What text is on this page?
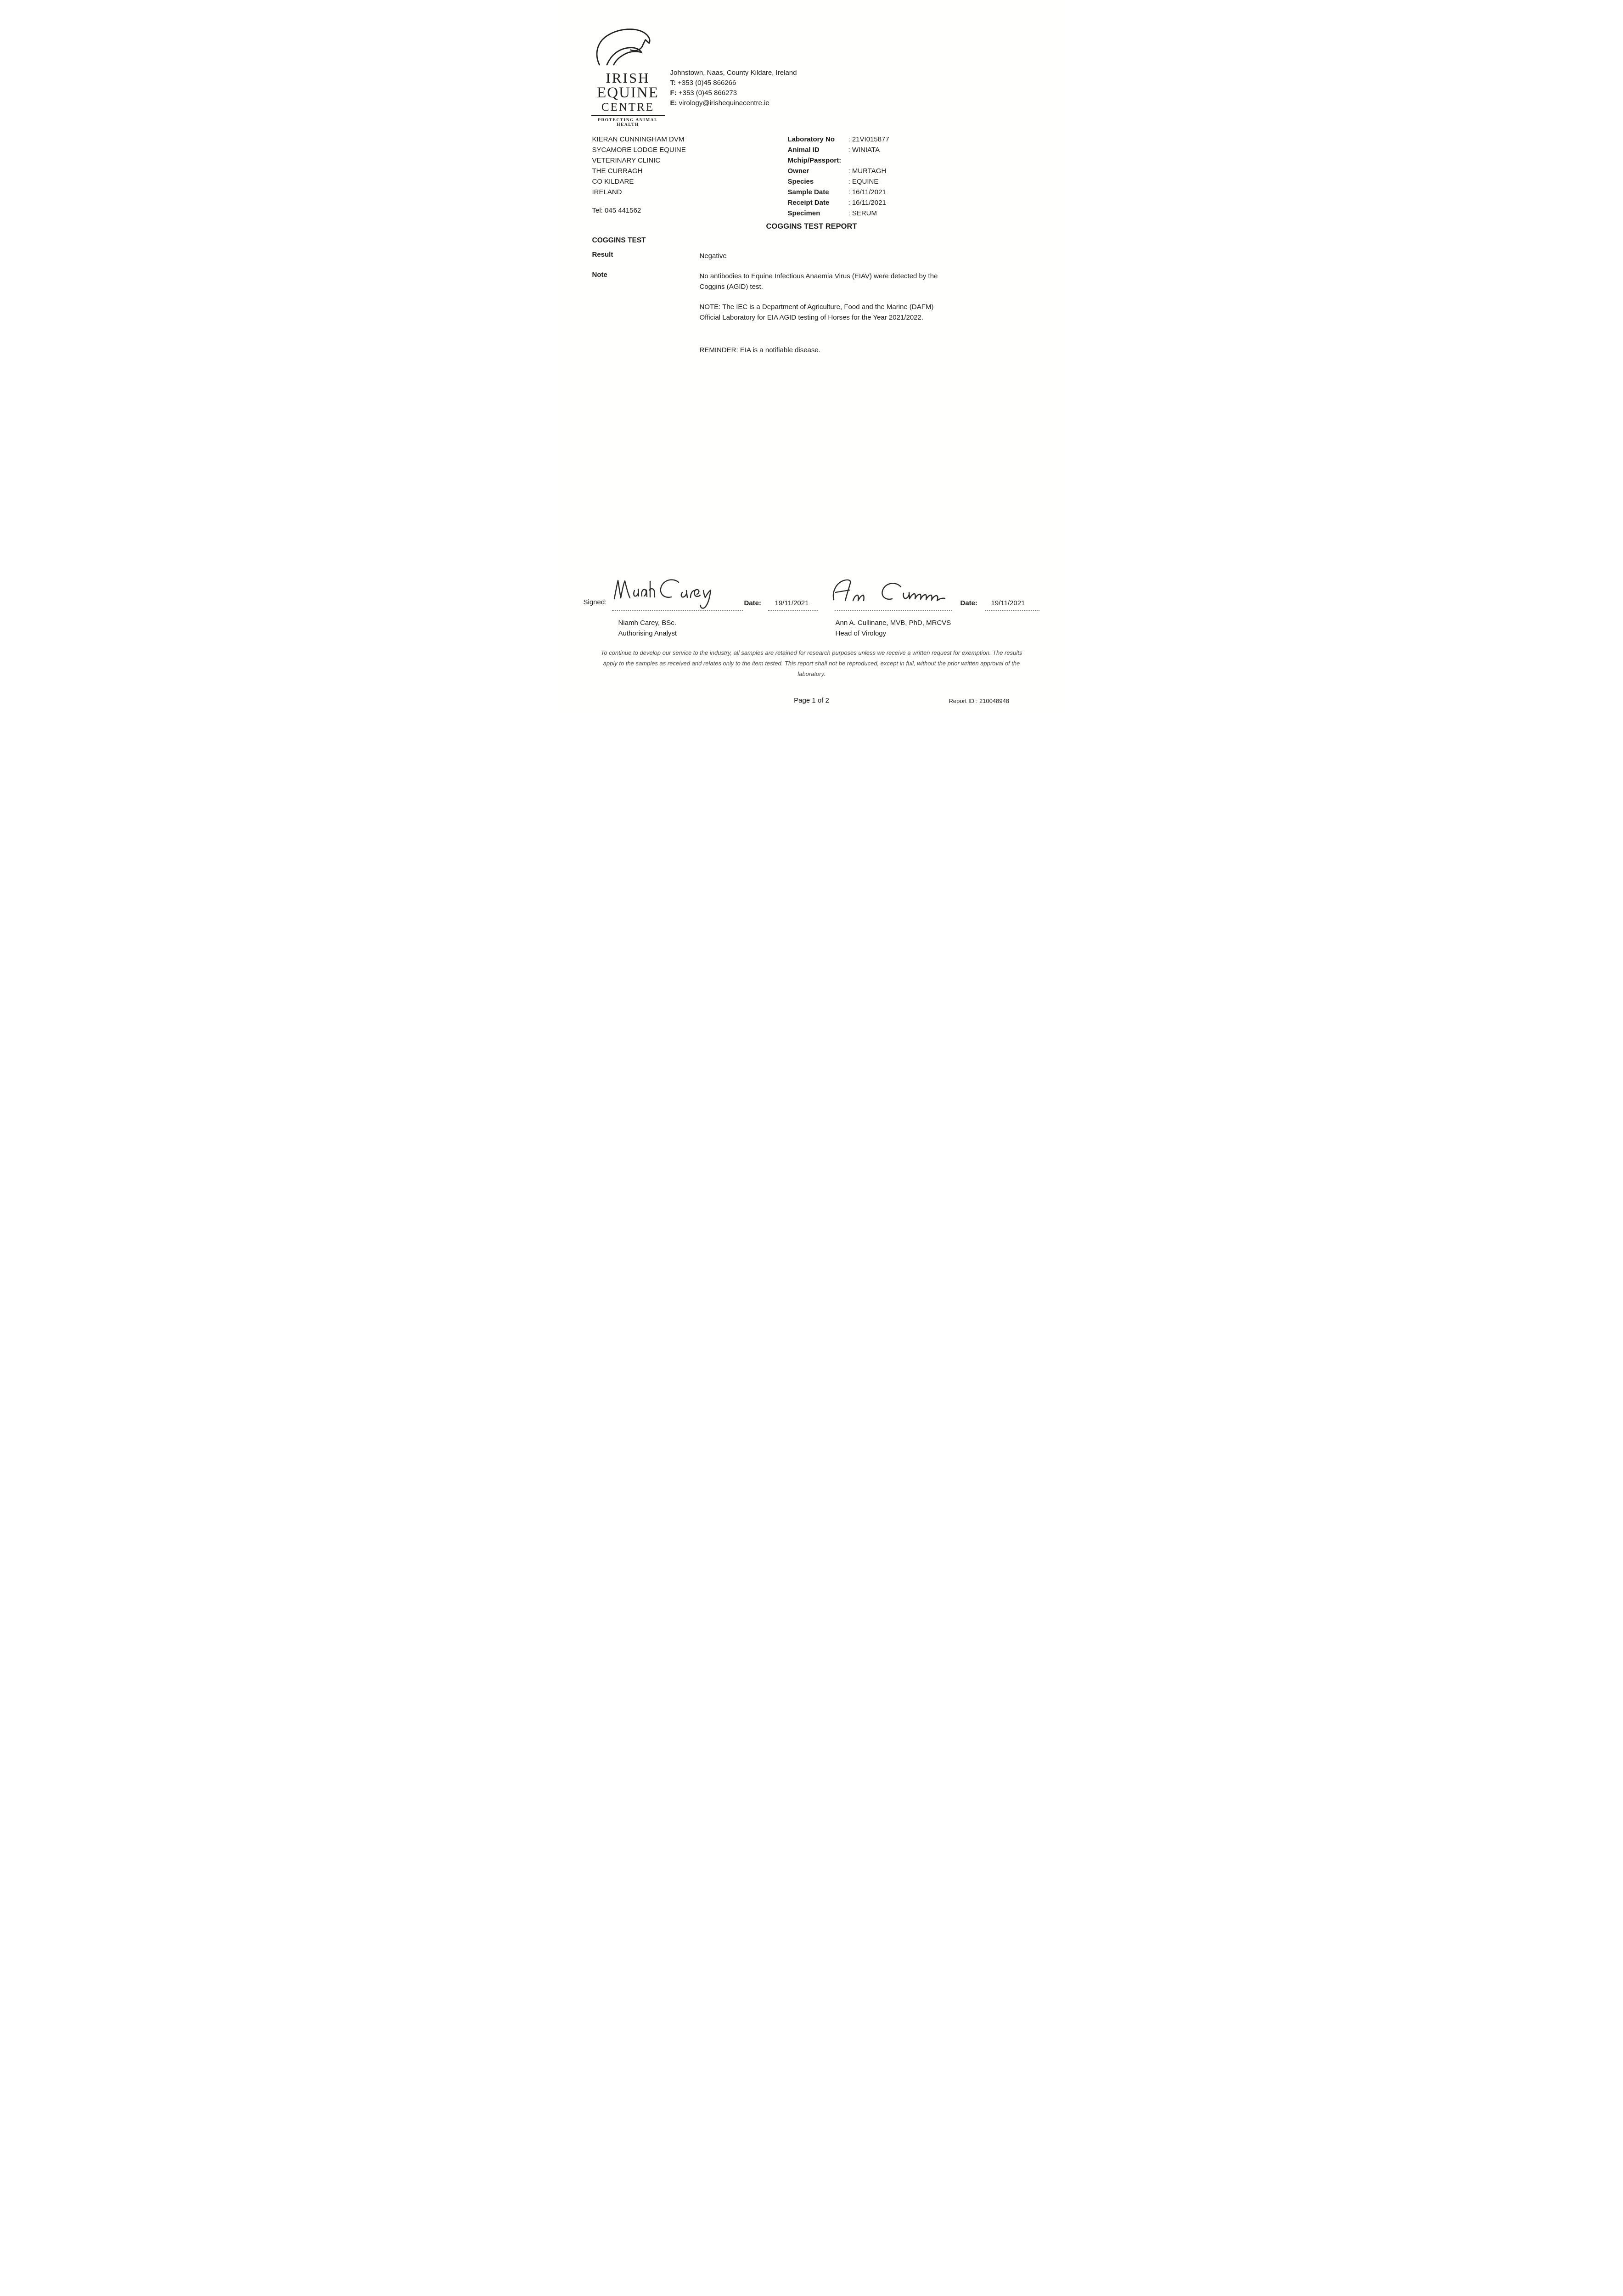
IRISH
EQUINE
CENTRE
PROTECTING ANIMAL HEALTH
Johnstown, Naas, County Kildare, Ireland
T: +353 (0)45 866266
F: +353 (0)45 866273
E: virology@irishequinecentre.ie
KIERAN CUNNINGHAM DVM
SYCAMORE LODGE EQUINE
VETERINARY CLINIC
THE CURRAGH
CO KILDARE
IRELAND
Tel: 045 441562
Laboratory No	: 21VI015877
Animal ID	: WINIATA
Mchip/Passport:
Owner	: MURTAGH
Species	: EQUINE
Sample Date	: 16/11/2021
Receipt Date	: 16/11/2021
Specimen	: SERUM
COGGINS TEST REPORT
COGGINS TEST
Result	Negative
Note	No antibodies to Equine Infectious Anaemia Virus (EIAV) were detected by the Coggins (AGID) test.
NOTE: The IEC is a Department of Agriculture, Food and the Marine (DAFM) Official Laboratory for EIA AGID testing of Horses for the Year 2021/2022.
REMINDER: EIA is a notifiable disease.
Signed:	Date: 19/11/2021	Date: 19/11/2021
Niamh Carey, BSc.
Authorising Analyst
Ann A. Cullinane, MVB, PhD, MRCVS
Head of Virology
To continue to develop our service to the industry, all samples are retained for research purposes unless we receive a written request for exemption. The results apply to the samples as received and relates only to the item tested. This report shall not be reproduced, except in full, without the prior written approval of the laboratory.
Page 1 of 2	Report ID : 210048948
